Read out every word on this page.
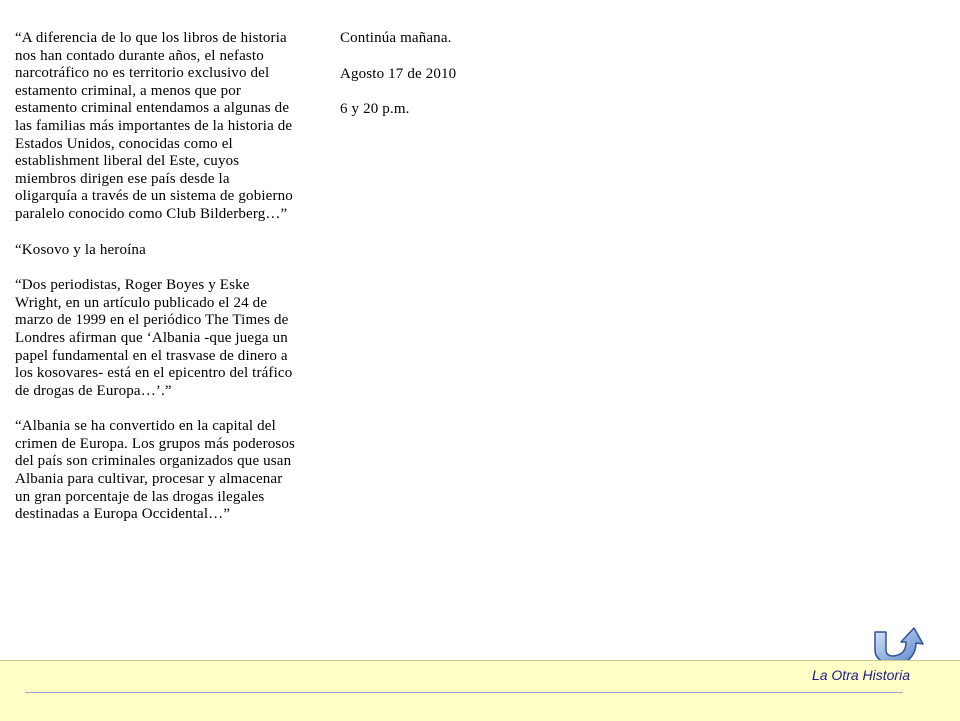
“A diferencia de lo que los libros de historia nos han contado durante años, el nefasto narcotráfico no es territorio exclusivo del estamento criminal, a menos que por estamento criminal entendamos a algunas de las familias más importantes de la historia de Estados Unidos, conocidas como el establishment liberal del Este, cuyos miembros dirigen ese país desde la oligarquía a través de un sistema de gobierno paralelo conocido como Club Bilderberg…”

“Kosovo y la heroína

“Dos periodistas, Roger Boyes y Eske Wright, en un artículo publicado el 24 de marzo de 1999 en el periódico The Times de Londres afirman que ‘Albania -que juega un papel fundamental en el trasvase de dinero a los kosovares- está en el epicentro del tráfico de drogas de Europa…’.”

“Albania se ha convertido en la capital del crimen de Europa. Los grupos más poderosos del país son criminales organizados que usan Albania para cultivar, procesar y almacenar un gran porcentaje de las drogas ilegales destinadas a Europa Occidental…”

Continúa mañana.

Agosto 17 de 2010

6 y 20 p.m.

La Otra Historia
